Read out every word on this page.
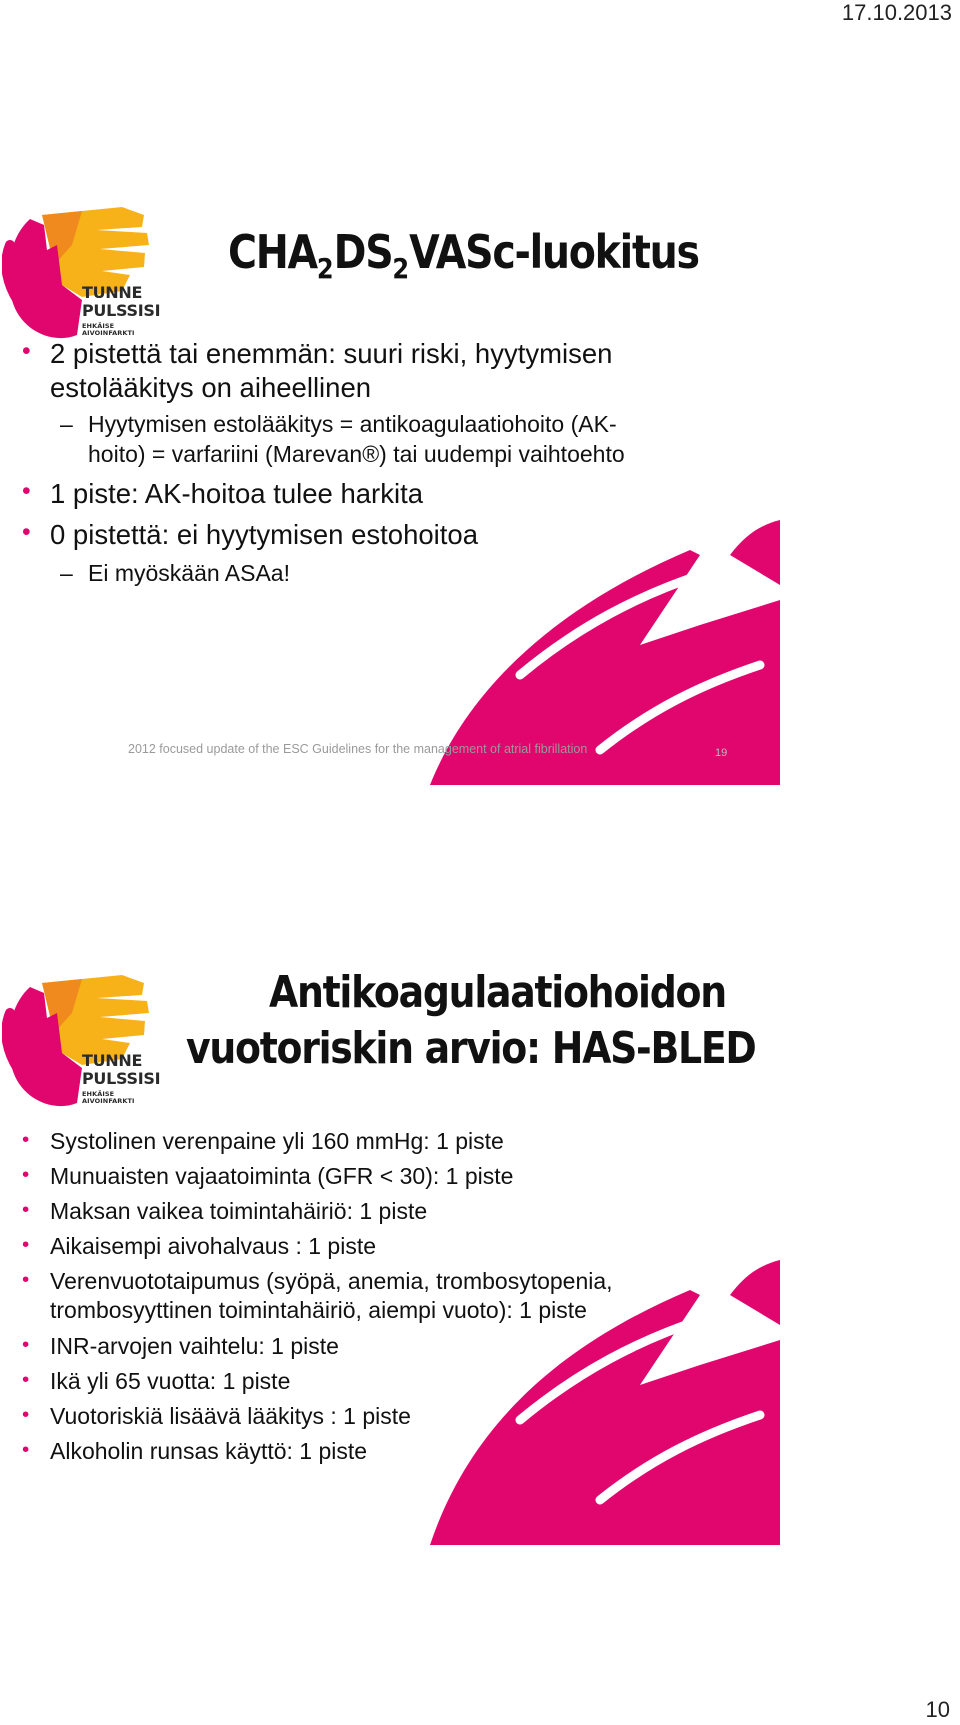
17.10.2013
TUNNE
PULSSISI
EHKÄISE AIVOINFARKTI
$CHA_2DS_2VASc$-luokitus
• 2 pistettä tai enemmän: suuri riski, hyytymisen
estolääkitys on aiheellinen
– Hyytymisen estolääkitys = antikoagulaatiohoito (AK-
hoito) = varfariini (Marevan®) tai uudempi vaihtoehto
• 1 piste: AK-hoitoa tulee harkita
• 0 pistettä: ei hyytymisen estohoitoa
– Ei myöskään ASAa!
2012 focused update of the ESC Guidelines for the management of atrial fibrillation	19
TUNNE
PULSSISI
EHKÄISE AIVOINFARKTI
Antikoagulaatiohoidon
vuotoriskin arvio: HAS-BLED
• Systolinen verenpaine yli 160 mmHg: 1 piste
• Munuaisten vajaatoiminta (GFR < 30): 1 piste
• Maksan vaikea toimintahäiriö: 1 piste
• Aikaisempi aivohalvaus : 1 piste
• Verenvuototaipumus (syöpä, anemia, trombosytopenia,
trombosyyttinen toimintahäiriö, aiempi vuoto): 1 piste
• INR-arvojen vaihtelu: 1 piste
• Ikä yli 65 vuotta: 1 piste
• Vuotoriskiä lisäävä lääkitys : 1 piste
• Alkoholin runsas käyttö: 1 piste
10
